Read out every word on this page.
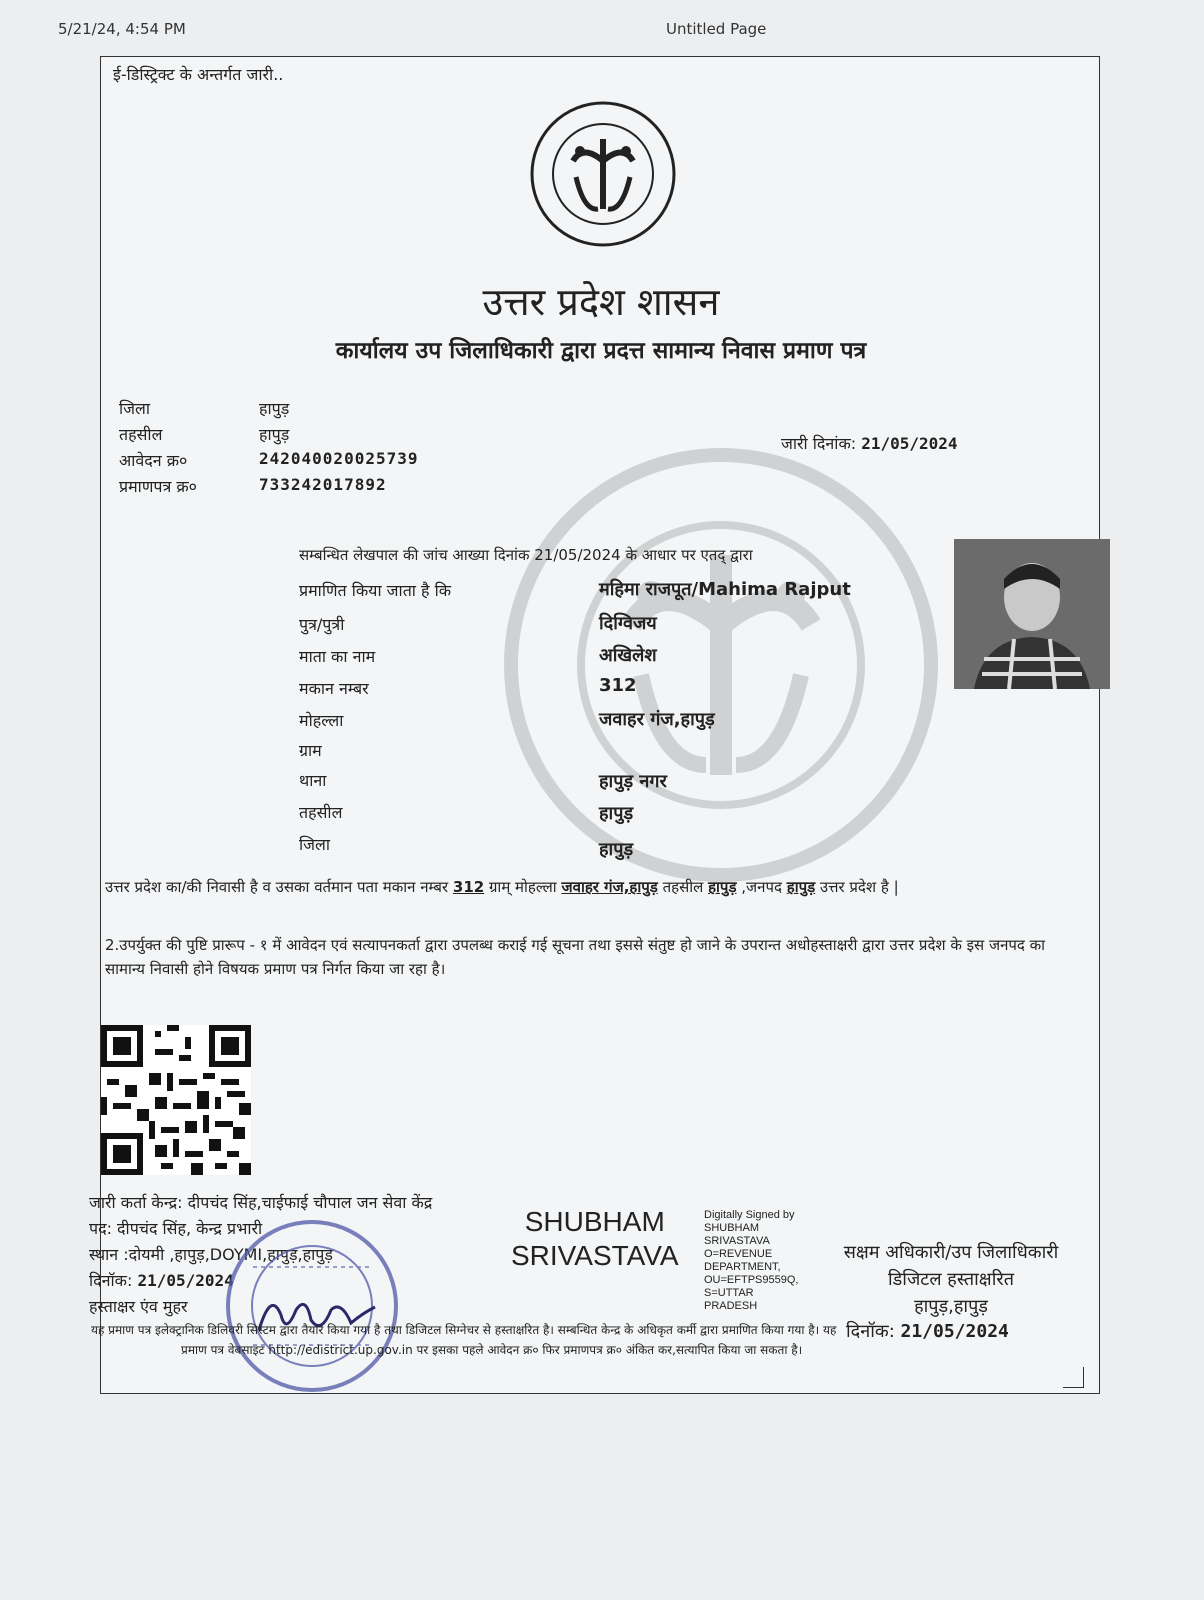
5/21/24, 4:54 PM	Untitled Page
ई-डिस्ट्रिक्ट के अन्तर्गत जारी..
उत्तर प्रदेश शासन
कार्यालय उप जिलाधिकारी द्वारा प्रदत्त सामान्य निवास प्रमाण पत्र
जिला	हापुड़
तहसील	हापुड़
आवेदन क्र०	242040020025739
प्रमाणपत्र क्र०	733242017892
जारी दिनांक: 21/05/2024
सम्बन्धित लेखपाल की जांच आख्या दिनांक 21/05/2024 के आधार पर एतद् द्वारा
प्रमाणित किया जाता है कि	महिमा राजपूत/Mahima Rajput
पुत्र/पुत्री	दिग्विजय
माता का नाम	अखिलेश
मकान नम्बर	312
मोहल्ला	जवाहर गंज,हापुड़
ग्राम
थाना	हापुड़ नगर
तहसील	हापुड़
जिला	हापुड़
उत्तर प्रदेश का/की निवासी है व उसका वर्तमान पता मकान नम्बर 312 ग्राम् मोहल्ला जवाहर गंज,हापुड़ तहसील हापुड़ ,जनपद हापुड़ उत्तर प्रदेश है |
2.उपर्युक्त की पुष्टि प्रारूप - १ में आवेदन एवं सत्यापनकर्ता द्वारा उपलब्ध कराई गई सूचना तथा इससे संतुष्ट हो जाने के उपरान्त अधोहस्ताक्षरी द्वारा उत्तर प्रदेश के इस जनपद का सामान्य निवासी होने विषयक प्रमाण पत्र निर्गत किया जा रहा है।
जारी कर्ता केन्द्र: दीपचंद सिंह,चाईफाई चौपाल जन सेवा केंद्र
पद: दीपचंद सिंह, केन्द्र प्रभारी
स्थान :दोयमी ,हापुड़,DOYMI,हापुड़,हापुड़
दिनॉक: 21/05/2024
हस्ताक्षर एंव मुहर
SHUBHAM
SRIVASTAVA
Digitally Signed by
SHUBHAM
SRIVASTAVA
O=REVENUE
DEPARTMENT,
OU=EFTPS9559Q,
S=UTTAR
PRADESH
सक्षम अधिकारी/उप जिलाधिकारी
डिजिटल हस्ताक्षरित
हापुड़,हापुड़
दिनॉक: 21/05/2024
यह प्रमाण पत्र इलेक्ट्रानिक डिलिवरी सिस्टम द्वारा तैयार किया गया है तथा डिजिटल सिग्नेचर से हस्ताक्षरित है। सम्बन्धित केन्द्र के अधिकृत कर्मी द्वारा प्रमाणित किया गया है। यह
प्रमाण पत्र वेबसाइट http://edistrict.up.gov.in पर इसका पहले आवेदन क्र० फिर प्रमाणपत्र क्र० अंकित कर,सत्यापित किया जा सकता है।
